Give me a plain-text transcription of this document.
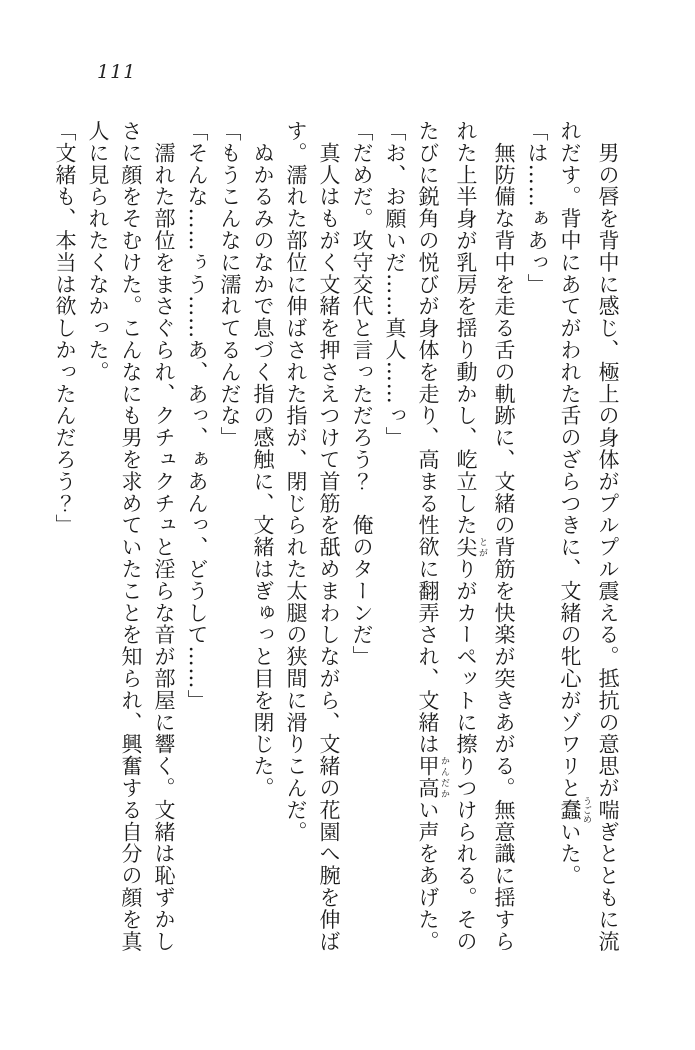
111
　男の唇を背中に感じ、極上の身体がプルプル震える。抵抗の意思が喘ぎとともに流
れだす。背中にあてがわれた舌のざらつきに、文緒の牝心がゾワリと蠢 うごめいた。
「は……ぁあっ」
　無防備な背中を走る舌の軌跡に、文緒の背筋を快楽が突きあがる。無意識に揺すら
れた上半身が乳房を揺り動かし、屹立した尖 とがりがカーペットに擦りつけられる。その
たびに鋭角の悦びが身体を走り、高まる性欲に翻弄され、文緒は甲高 かんだかい声をあげた。
「お、お願いだ……真人……っ」
「だめだ。攻守交代と言っただろう？　俺のターンだ」
　真人はもがく文緒を押さえつけて首筋を舐めまわしながら、文緒の花園へ腕を伸ば
す。濡れた部位に伸ばされた指が、閉じられた太腿の狭間に滑りこんだ。
　ぬかるみのなかで息づく指の感触に、文緒はぎゅっと目を閉じた。
「もうこんなに濡れてるんだな」
「そんな……ぅう……あ、あっ、ぁあんっ、どうして……」
　濡れた部位をまさぐられ、クチュクチュと淫らな音が部屋に響く。文緒は恥ずかし
さに顔をそむけた。こんなにも男を求めていたことを知られ、興奮する自分の顔を真
人に見られたくなかった。
「文緒も、本当は欲しかったんだろう？」
